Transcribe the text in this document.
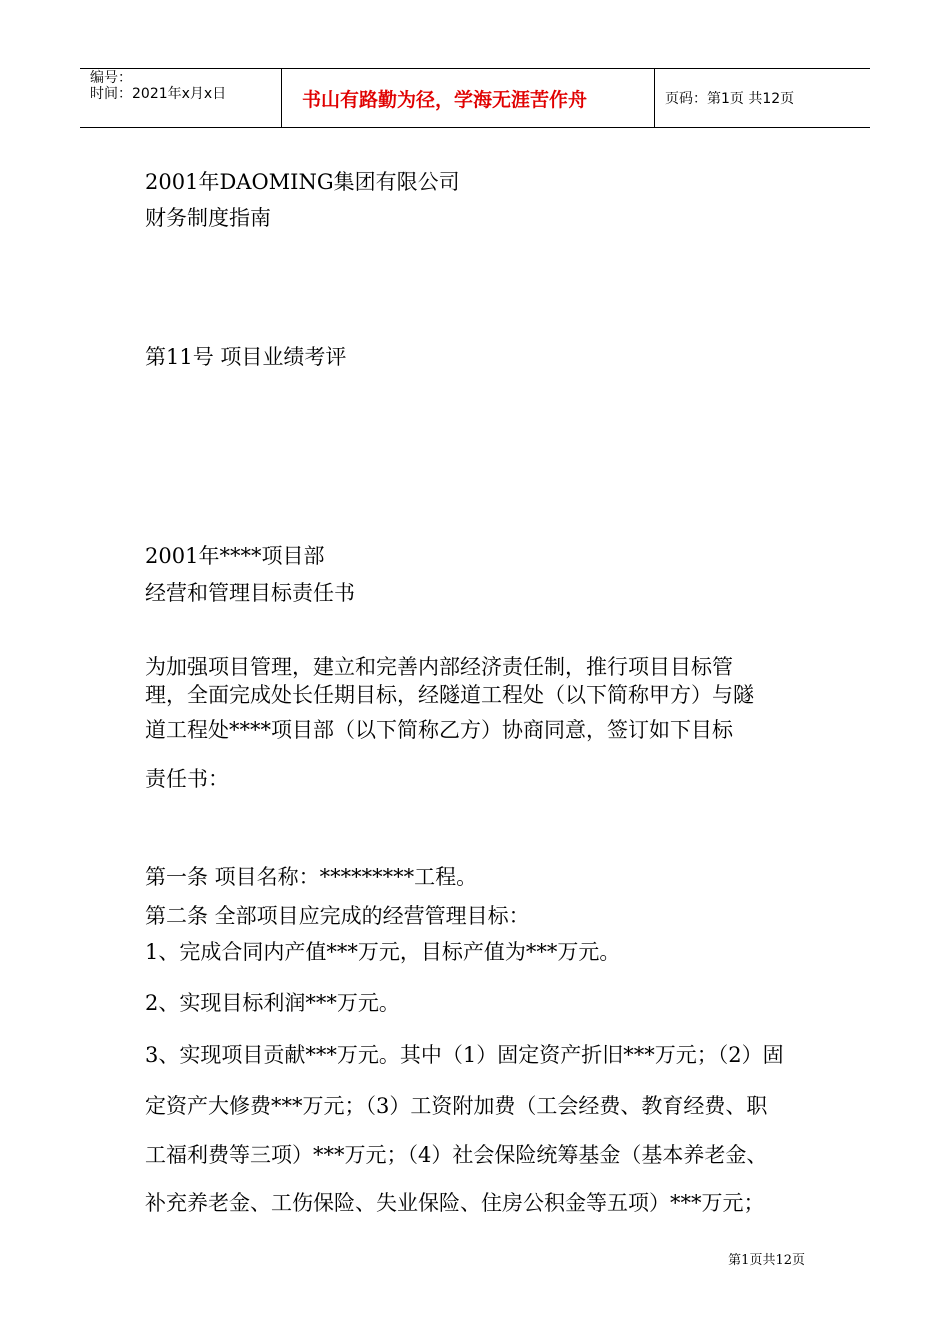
编号：
时间：2021年x月x日	书山有路勤为径，学海无涯苦作舟	页码：第1页 共12页
2001年DAOMING集团有限公司
财务制度指南
第11号 项目业绩考评
2001年****项目部
经营和管理目标责任书
为加强项目管理，建立和完善内部经济责任制，推行项目目标管
理，全面完成处长任期目标，经隧道工程处（以下简称甲方）与隧
道工程处****项目部（以下简称乙方）协商同意，签订如下目标
责任书：
第一条 项目名称：*********工程。
第二条 全部项目应完成的经营管理目标：
1、完成合同内产值***万元，目标产值为***万元。
2、实现目标利润***万元。
3、实现项目贡献***万元。其中（1）固定资产折旧***万元；（2）固
定资产大修费***万元；（3）工资附加费（工会经费、教育经费、职
工福利费等三项）***万元；（4）社会保险统筹基金（基本养老金、
补充养老金、工伤保险、失业保险、住房公积金等五项）***万元；
第1页共12页
